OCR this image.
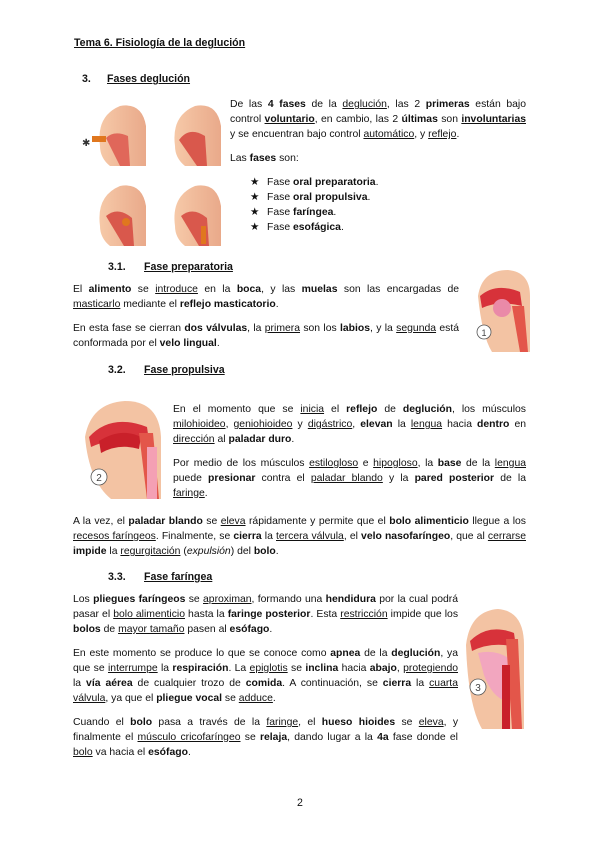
Tema 6. Fisiología de la deglución
3. Fases deglución
✱

De las 4 fases de la deglución, las 2 primeras están bajo control voluntario, en cambio, las 2 últimas son involuntarias y se encuentran bajo control automático, y reflejo.

Las fases son:

★ Fase oral preparatoria.
★ Fase oral propulsiva.
★ Fase faríngea.
★ Fase esofágica.
3.1. Fase preparatoria

El alimento se introduce en la boca, y las muelas son las encargadas de masticarlo mediante el reflejo masticatorio.

En esta fase se cierran dos válvulas, la primera son los labios, y la segunda está conformada por el velo lingual.

1
3.2. Fase propulsiva
2

En el momento que se inicia el reflejo de deglución, los músculos milohioideo, geniohioideo y digástrico, elevan la lengua hacia dentro en dirección al paladar duro.

Por medio de los músculos estilogloso e hipogloso, la base de la lengua puede presionar contra el paladar blando y la pared posterior de la faringe.

A la vez, el paladar blando se eleva rápidamente y permite que el bolo alimenticio llegue a los recesos faríngeos. Finalmente, se cierra la tercera válvula, el velo nasofaríngeo, que al cerrarse impide la regurgitación (expulsión) del bolo.

3.3. Fase faríngea

Los pliegues faríngeos se aproximan, formando una hendidura por la cual podrá pasar el bolo alimenticio hasta la faringe posterior. Esta restricción impide que los bolos de mayor tamaño pasen al esófago.

En este momento se produce lo que se conoce como apnea de la deglución, ya que se interrumpe la respiración. La epiglotis se inclina hacia abajo, protegiendo la vía aérea de cualquier trozo de comida. A continuación, se cierra la cuarta válvula, ya que el pliegue vocal se adduce.

Cuando el bolo pasa a través de la faringe, el hueso hioides se eleva, y finalmente el músculo cricofaríngeo se relaja, dando lugar a la 4a fase donde el bolo va hacia el esófago.

3
2
